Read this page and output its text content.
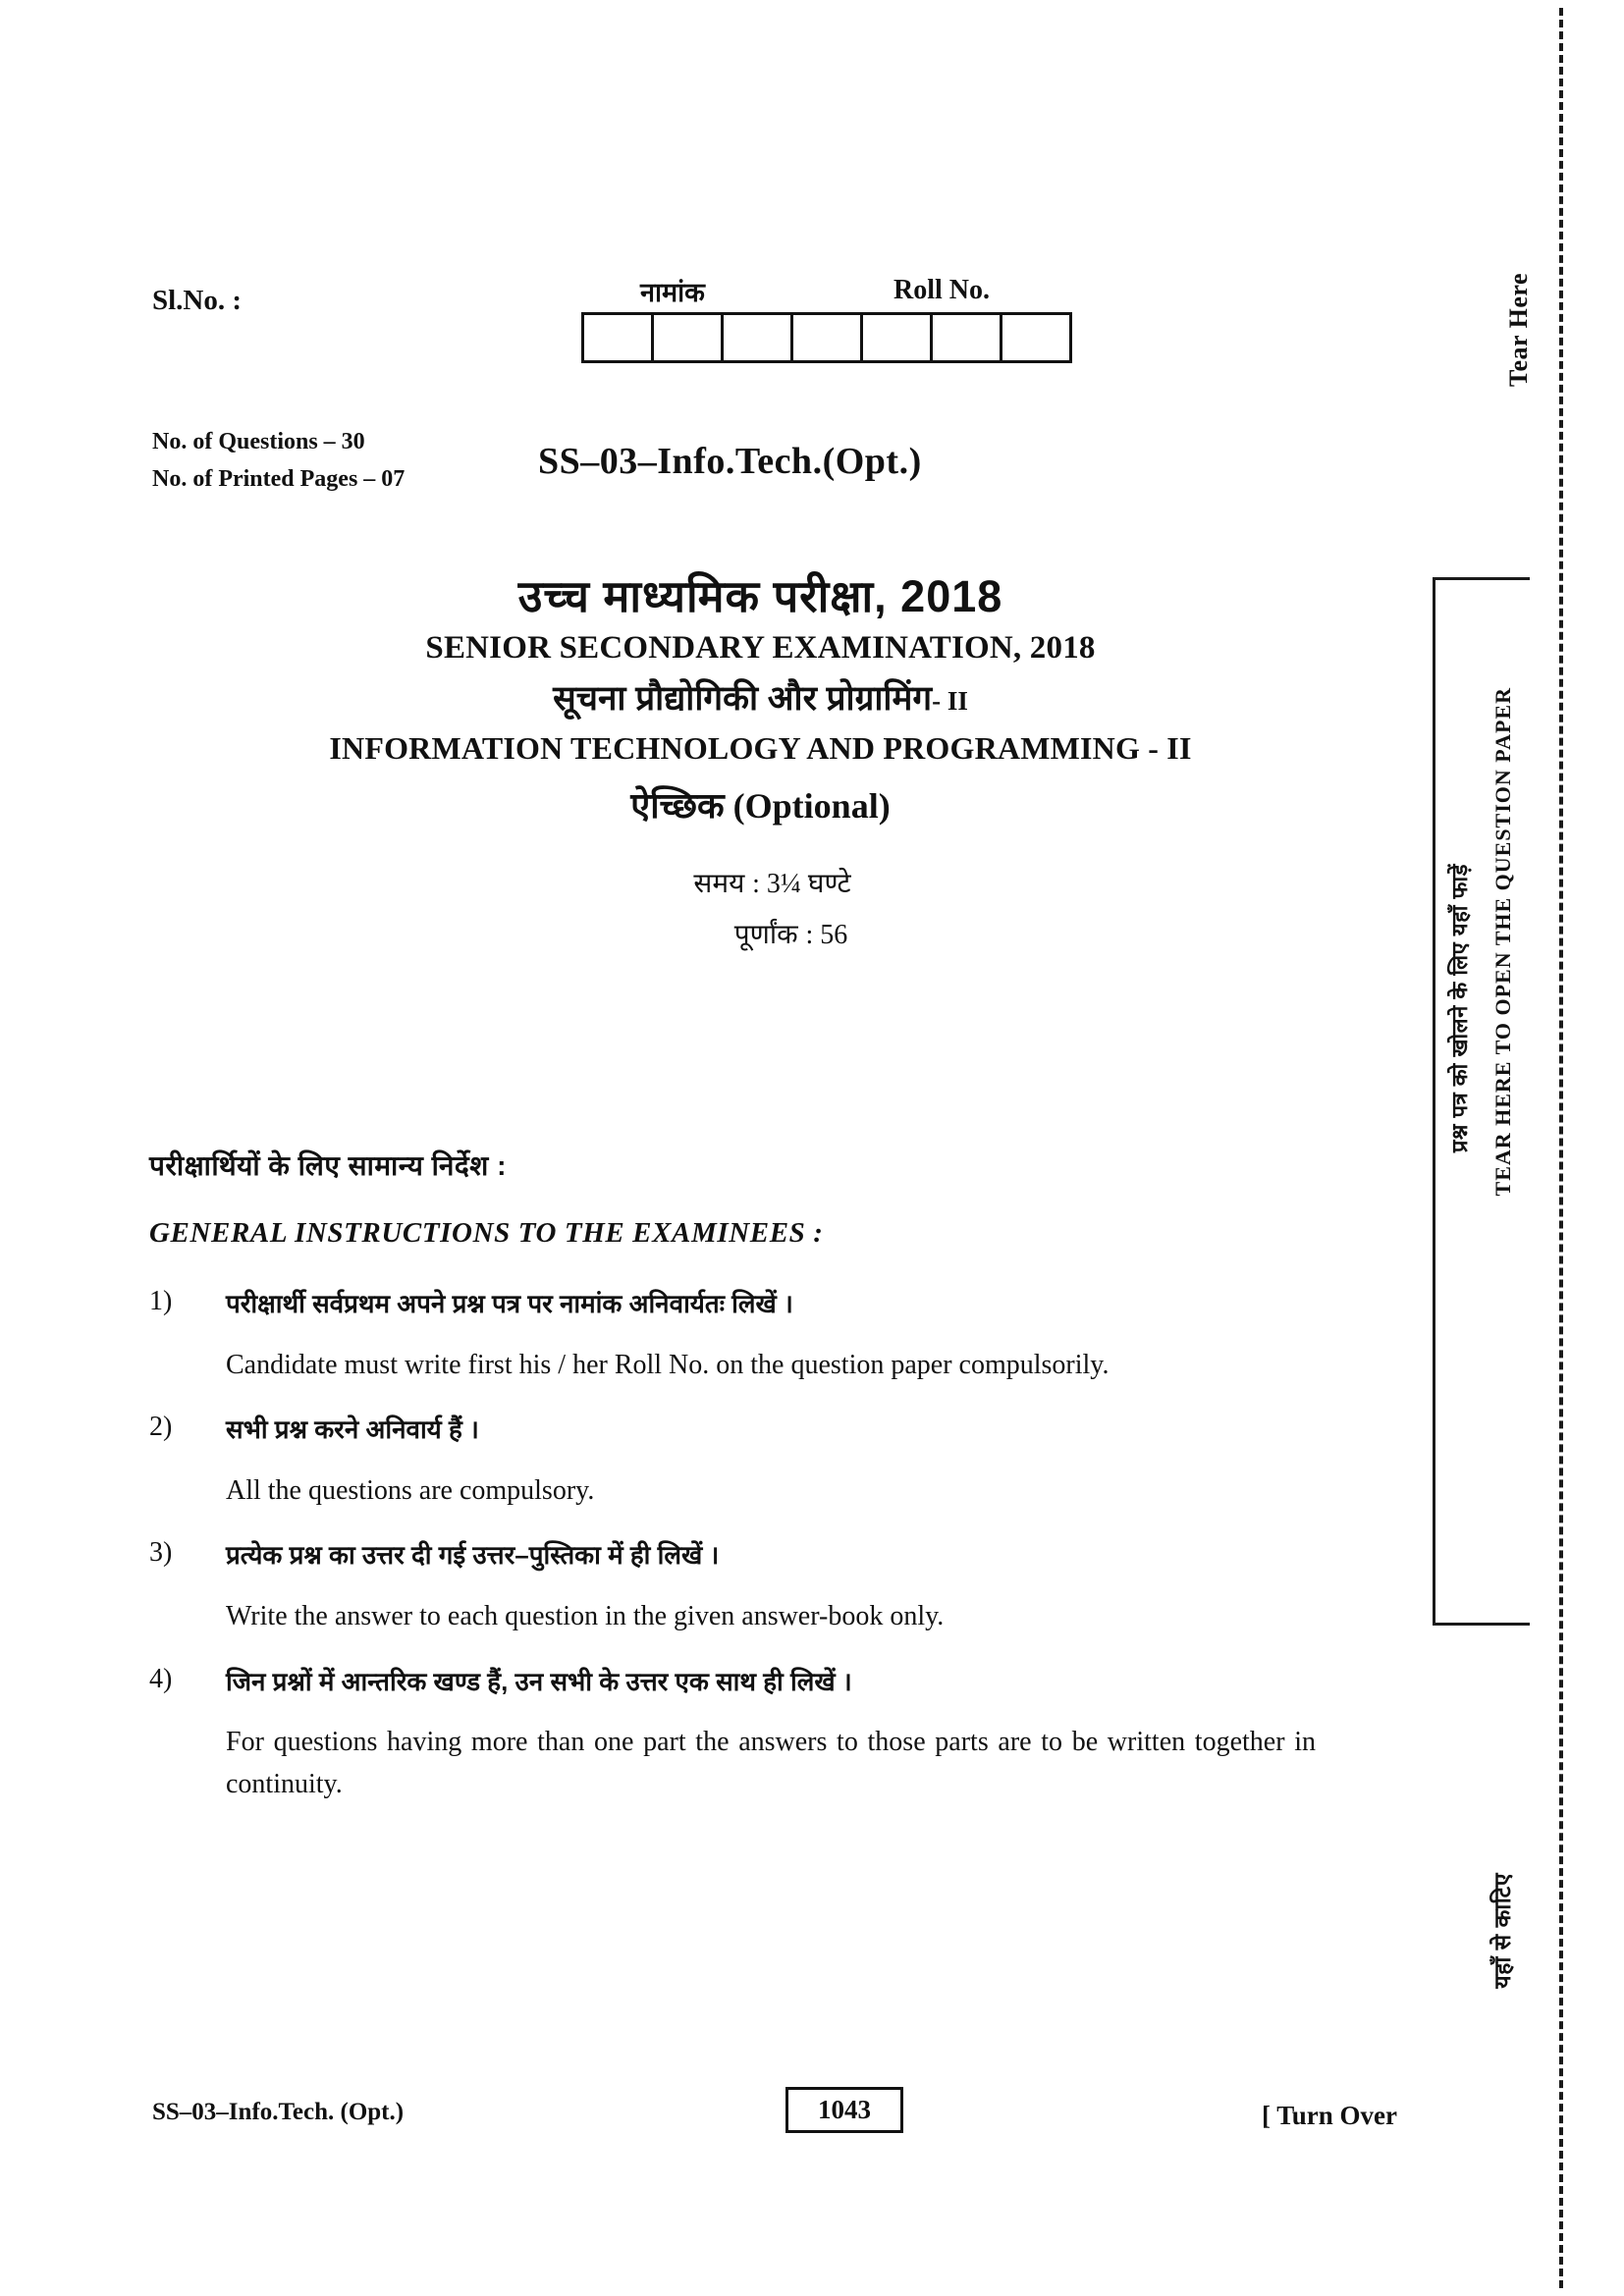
Tear Here
TEAR HERE TO OPEN THE QUESTION PAPER
प्रश्न पत्र को खोलने के लिए यहाँ फाड़ें
यहाँ से काटिए
Sl.No. :	नामांक	Roll No.
No. of Questions – 30
No. of Printed Pages – 07	SS–03–Info.Tech.(Opt.)
उच्च माध्यमिक परीक्षा, 2018
SENIOR SECONDARY EXAMINATION, 2018
सूचना प्रौद्योगिकी और प्रोग्रामिंग- II
INFORMATION TECHNOLOGY AND PROGRAMMING - II
ऐच्छिक (Optional)
समय : 3¼ घण्टे
पूर्णांक : 56
परीक्षार्थियों के लिए सामान्य निर्देश :
GENERAL INSTRUCTIONS TO THE EXAMINEES :
1) परीक्षार्थी सर्वप्रथम अपने प्रश्न पत्र पर नामांक अनिवार्यतः लिखें ।
Candidate must write first his / her Roll No. on the question paper compulsorily.
2) सभी प्रश्न करने अनिवार्य हैं ।
All the questions are compulsory.
3) प्रत्येक प्रश्न का उत्तर दी गई उत्तर–पुस्तिका में ही लिखें ।
Write the answer to each question in the given answer-book only.
4) जिन प्रश्नों में आन्तरिक खण्ड हैं, उन सभी के उत्तर एक साथ ही लिखें ।
For questions having more than one part the answers to those parts are to be written together in continuity.
SS–03–Info.Tech. (Opt.)	1043	[ Turn Over
